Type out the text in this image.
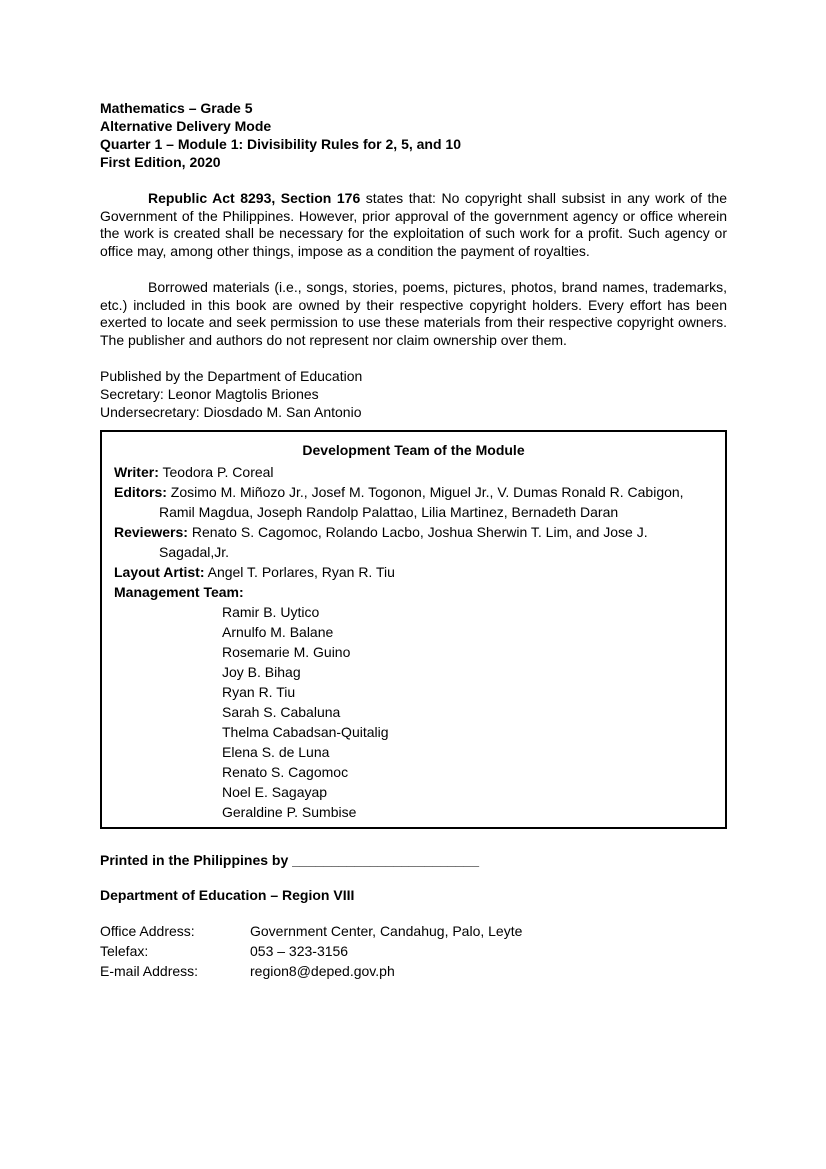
Mathematics – Grade 5
Alternative Delivery Mode
Quarter 1 – Module 1: Divisibility Rules for 2, 5, and 10
First Edition, 2020

Republic Act 8293, Section 176 states that: No copyright shall subsist in any work of the Government of the Philippines. However, prior approval of the government agency or office wherein the work is created shall be necessary for the exploitation of such work for a profit. Such agency or office may, among other things, impose as a condition the payment of royalties.

Borrowed materials (i.e., songs, stories, poems, pictures, photos, brand names, trademarks, etc.) included in this book are owned by their respective copyright holders. Every effort has been exerted to locate and seek permission to use these materials from their respective copyright owners. The publisher and authors do not represent nor claim ownership over them.

Published by the Department of Education
Secretary: Leonor Magtolis Briones
Undersecretary: Diosdado M. San Antonio
Development Team of the Module
Writer: Teodora P. Coreal
Editors: Zosimo M. Miñozo Jr., Josef M. Togonon, Miguel Jr., V. Dumas Ronald R. Cabigon, Ramil Magdua, Joseph Randolp Palattao, Lilia Martinez, Bernadeth Daran
Reviewers: Renato S. Cagomoc, Rolando Lacbo, Joshua Sherwin T. Lim, and Jose J. Sagadal,Jr.
Layout Artist: Angel T. Porlares, Ryan R. Tiu
Management Team:
Ramir B. Uytico
Arnulfo M. Balane
Rosemarie M. Guino
Joy B. Bihag
Ryan R. Tiu
Sarah S. Cabaluna
Thelma Cabadsan-Quitalig
Elena S. de Luna
Renato S. Cagomoc
Noel E. Sagayap
Geraldine P. Sumbise
Printed in the Philippines by ________________________
Department of Education – Region VIII
Office Address:	Government Center, Candahug, Palo, Leyte
Telefax:	053 – 323-3156
E-mail Address:	region8@deped.gov.ph
